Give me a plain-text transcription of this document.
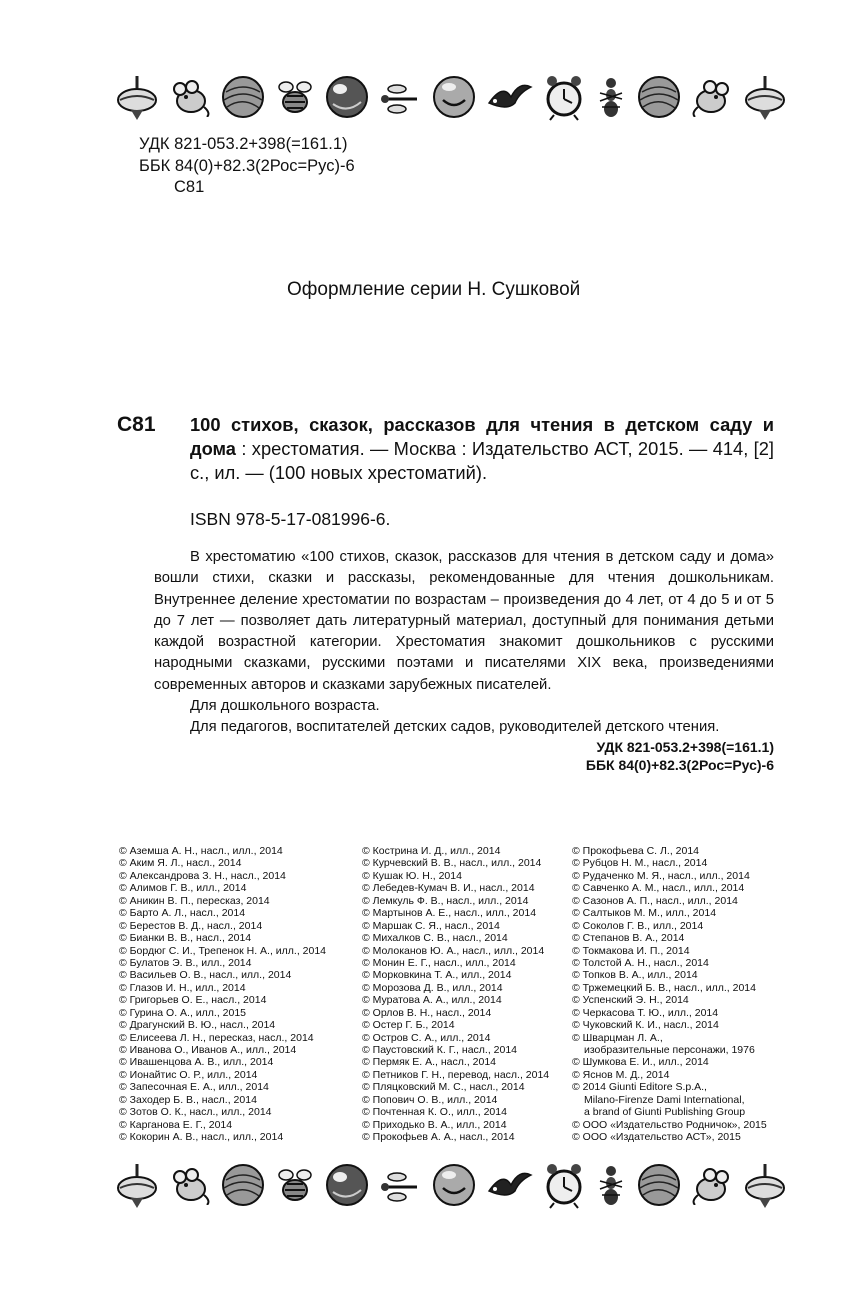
УДК 821-053.2+398(=161.1)
ББК 84(0)+82.3(2Рос=Рус)-6
С81
Оформление серии Н. Сушковой
С81 100 стихов, сказок, рассказов для чтения в детском саду и дома : хрестоматия. — Москва : Издательство АСТ, 2015. — 414, [2] с., ил. — (100 новых хрестоматий).

ISBN 978-5-17-081996-6.

В хрестоматию «100 стихов, сказок, рассказов для чтения в детском саду и дома» вошли стихи, сказки и рассказы, рекомендованные для чтения дошкольникам. Внутреннее деление хрестоматии по возрастам – произведения до 4 лет, от 4 до 5 и от 5 до 7 лет — позволяет дать литературный материал, доступный для понимания детьми каждой возрастной категории. Хрестоматия знакомит дошкольников с русскими народными сказками, русскими поэтами и писателями XIX века, произведениями современных авторов и сказками зарубежных писателей.

Для дошкольного возраста.

Для педагогов, воспитателей детских садов, руководителей детского чтения.

УДК 821-053.2+398(=161.1)
ББК 84(0)+82.3(2Рос=Рус)-6
© Аземша А. Н., насл., илл., 2014
© Аким Я. Л., насл., 2014
© Александрова З. Н., насл., 2014
© Алимов Г. В., илл., 2014
© Аникин В. П., пересказ, 2014
© Барто А. Л., насл., 2014
© Берестов В. Д., насл., 2014
© Бианки В. В., насл., 2014
© Бордюг С. И., Трепенок Н. А., илл., 2014
© Булатов Э. В., илл., 2014
© Васильев О. В., насл., илл., 2014
© Глазов И. Н., илл., 2014
© Григорьев О. Е., насл., 2014
© Гурина О. А., илл., 2015
© Драгунский В. Ю., насл., 2014
© Елисеева Л. Н., пересказ, насл., 2014
© Иванова О., Иванов А., илл., 2014
© Ивашенцова А. В., илл., 2014
© Ионайтис О. Р., илл., 2014
© Запесочная Е. А., илл., 2014
© Заходер Б. В., насл., 2014
© Зотов О. К., насл., илл., 2014
© Карганова Е. Г., 2014
© Кокорин А. В., насл., илл., 2014
© Кострина И. Д., илл., 2014
© Курчевский В. В., насл., илл., 2014
© Кушак Ю. Н., 2014
© Лебедев-Кумач В. И., насл., 2014
© Лемкуль Ф. В., насл., илл., 2014
© Мартынов А. Е., насл., илл., 2014
© Маршак С. Я., насл., 2014
© Михалков С. В., насл., 2014
© Молоканов Ю. А., насл., илл., 2014
© Монин Е. Г., насл., илл., 2014
© Морковкина Т. А., илл., 2014
© Морозова Д. В., илл., 2014
© Муратова А. А., илл., 2014
© Орлов В. Н., насл., 2014
© Остер Г. Б., 2014
© Остров С. А., илл., 2014
© Паустовский К. Г., насл., 2014
© Пермяк Е. А., насл., 2014
© Петников Г. Н., перевод, насл., 2014
© Пляцковский М. С., насл., 2014
© Попович О. В., илл., 2014
© Почтенная К. О., илл., 2014
© Приходько В. А., илл., 2014
© Прокофьев А. А., насл., 2014
© Прокофьева С. Л., 2014
© Рубцов Н. М., насл., 2014
© Рудаченко М. Я., насл., илл., 2014
© Савченко А. М., насл., илл., 2014
© Сазонов А. П., насл., илл., 2014
© Салтыков М. М., илл., 2014
© Соколов Г. В., илл., 2014
© Степанов В. А., 2014
© Токмакова И. П., 2014
© Толстой А. Н., насл., 2014
© Топков В. А., илл., 2014
© Тржемецкий Б. В., насл., илл., 2014
© Успенский Э. Н., 2014
© Черкасова Т. Ю., илл., 2014
© Чуковский К. И., насл., 2014
© Шварцман Л. А.,
изобразительные персонажи, 1976
© Шумкова Е. И., илл., 2014
© Яснов М. Д., 2014
© 2014 Giunti Editore S.p.A.,
Milano-Firenze Dami International,
a brand of Giunti Publishing Group
© ООО «Издательство Родничок», 2015
© ООО «Издательство АСТ», 2015
